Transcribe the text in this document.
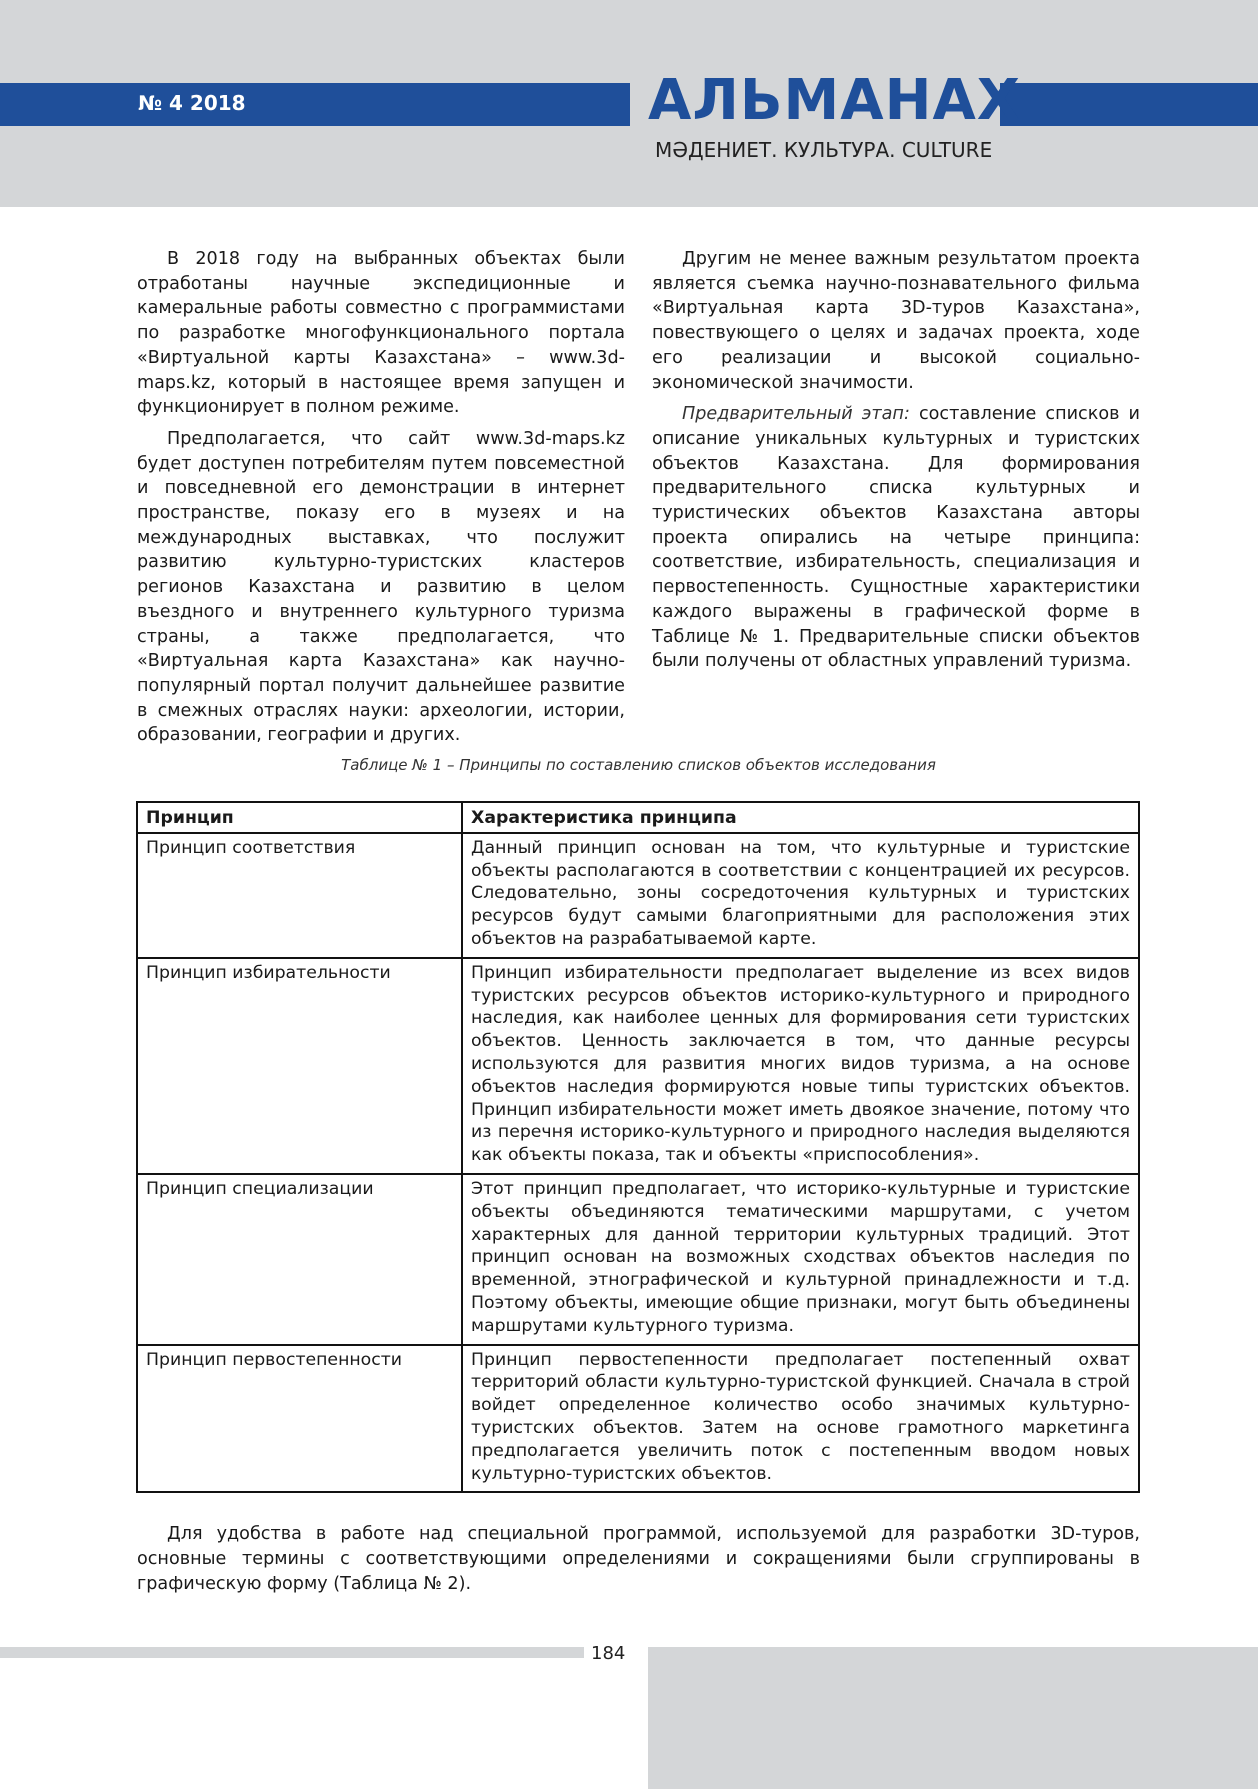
№ 4 2018	АЛЬМАНАХ
МӘДЕНИЕТ. КУЛЬТУРА. CULTURE

В 2018 году на выбранных объектах были отработаны научные экспедиционные и камеральные работы совместно с программистами по разработке многофункционального портала «Виртуальной карты Казахстана» – www.3d-maps.kz, который в настоящее время запущен и функционирует в полном режиме.

Предполагается, что сайт www.3d-maps.kz будет доступен потребителям путем повсеместной и повседневной его демонстрации в интернет пространстве, показу его в музеях и на международных выставках, что послужит развитию культурно-туристских кластеров регионов Казахстана и развитию в целом въездного и внутреннего культурного туризма страны, а также предполагается, что «Виртуальная карта Казахстана» как научно-популярный портал получит дальнейшее развитие в смежных отраслях науки: археологии, истории, образовании, географии и других.

Другим не менее важным результатом проекта является съемка научно-познавательного фильма «Виртуальная карта 3D-туров Казахстана», повествующего о целях и задачах проекта, ходе его реализации и высокой социально-экономической значимости.

Предварительный этап: составление списков и описание уникальных культурных и туристских объектов Казахстана. Для формирования предварительного списка культурных и туристических объектов Казахстана авторы проекта опирались на четыре принципа: соответствие, избирательность, специализация и первостепенность. Сущностные характеристики каждого выражены в графической форме в Таблице № 1. Предварительные списки объектов были получены от областных управлений туризма.

Таблице № 1 – Принципы по составлению списков объектов исследования
Принцип	Характеристика принципа
Принцип соответствия	Данный принцип основан на том, что культурные и туристские объекты располагаются в соответствии с концентрацией их ресурсов. Следовательно, зоны сосредоточения культурных и туристских ресурсов будут самыми благоприятными для расположения этих объектов на разрабатываемой карте.
Принцип избирательности	Принцип избирательности предполагает выделение из всех видов туристских ресурсов объектов историко-культурного и природного наследия, как наиболее ценных для формирования сети туристских объектов. Ценность заключается в том, что данные ресурсы используются для развития многих видов туризма, а на основе объектов наследия формируются новые типы туристских объектов. Принцип избирательности может иметь двоякое значение, потому что из перечня историко-культурного и природного наследия выделяются как объекты показа, так и объекты «приспособления».
Принцип специализации	Этот принцип предполагает, что историко-культурные и туристские объекты объединяются тематическими маршрутами, с учетом характерных для данной территории культурных традиций. Этот принцип основан на возможных сходствах объектов наследия по временной, этнографической и культурной принадлежности и т.д. Поэтому объекты, имеющие общие признаки, могут быть объединены маршрутами культурного туризма.
Принцип первостепенности	Принцип первостепенности предполагает постепенный охват территорий области культурно-туристской функцией. Сначала в строй войдет определенное количество особо значимых культурно-туристских объектов. Затем на основе грамотного маркетинга предполагается увеличить поток с постепенным вводом новых культурно-туристских объектов.

Для удобства в работе над специальной программой, используемой для разработки 3D-туров, основные термины с соответствующими определениями и сокращениями были сгруппированы в графическую форму (Таблица № 2).

184
